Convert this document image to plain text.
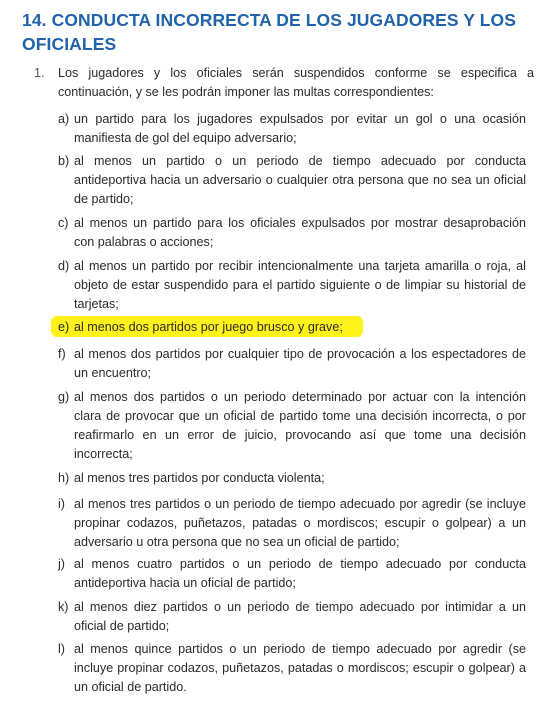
14. CONDUCTA INCORRECTA DE LOS JUGADORES Y LOS OFICIALES
1. Los jugadores y los oficiales serán suspendidos conforme se especifica a continuación, y se les podrán imponer las multas correspondientes:
a) un partido para los jugadores expulsados por evitar un gol o una ocasión manifiesta de gol del equipo adversario;
b) al menos un partido o un periodo de tiempo adecuado por conducta antideportiva hacia un adversario o cualquier otra persona que no sea un oficial de partido;
c) al menos un partido para los oficiales expulsados por mostrar desaprobación con palabras o acciones;
d) al menos un partido por recibir intencionalmente una tarjeta amarilla o roja, al objeto de estar suspendido para el partido siguiente o de limpiar su historial de tarjetas;
e) al menos dos partidos por juego brusco y grave;
f) al menos dos partidos por cualquier tipo de provocación a los espectadores de un encuentro;
g) al menos dos partidos o un periodo determinado por actuar con la intención clara de provocar que un oficial de partido tome una decisión incorrecta, o por reafirmarlo en un error de juicio, provocando así que tome una decisión incorrecta;
h) al menos tres partidos por conducta violenta;
i) al menos tres partidos o un periodo de tiempo adecuado por agredir (se incluye propinar codazos, puñetazos, patadas o mordiscos; escupir o golpear) a un adversario u otra persona que no sea un oficial de partido;
j) al menos cuatro partidos o un periodo de tiempo adecuado por conducta antideportiva hacia un oficial de partido;
k) al menos diez partidos o un periodo de tiempo adecuado por intimidar a un oficial de partido;
l) al menos quince partidos o un periodo de tiempo adecuado por agredir (se incluye propinar codazos, puñetazos, patadas o mordiscos; escupir o golpear) a un oficial de partido.
